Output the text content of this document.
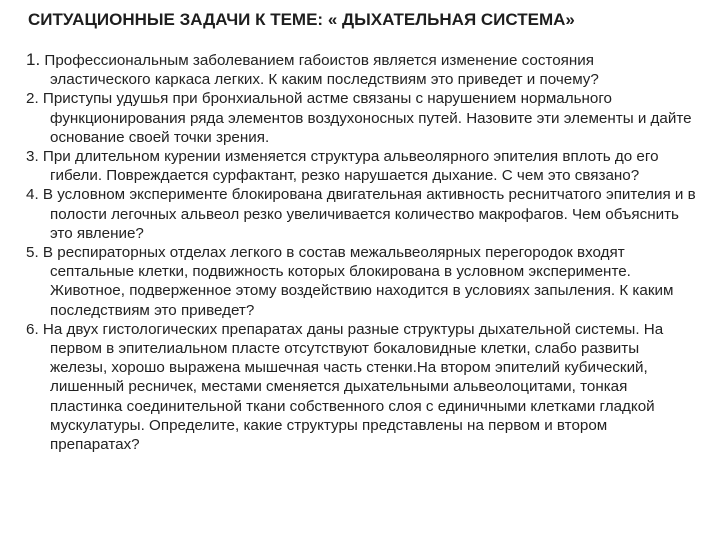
СИТУАЦИОННЫЕ ЗАДАЧИ К ТЕМЕ: « ДЫХАТЕЛЬНАЯ СИСТЕМА»

1. Профессиональным заболеванием габоистов является изменение состояния эластического каркаса легких. К каким последствиям это приведет и почему?

2. Приступы удушья при бронхиальной астме связаны с нарушением нормального функционирования ряда элементов воздухоносных путей. Назовите эти элементы и дайте основание своей точки зрения.

3. При длительном курении изменяется структура альвеолярного эпителия вплоть до его гибели. Повреждается сурфактант, резко нарушается дыхание. С чем это связано?

4. В условном эксперименте блокирована двигательная активность реснитчатого эпителия и в полости легочных альвеол резко увеличивается количество макрофагов. Чем объяснить это явление?

5. В респираторных отделах легкого в состав межальвеолярных перегородок входят септальные клетки, подвижность которых блокирована в условном эксперименте. Животное, подверженное этому воздействию находится в условиях запыления. К каким последствиям это приведет?

6. На двух гистологических препаратах даны разные структуры дыхательной системы. На первом в эпителиальном пласте отсутствуют бокаловидные клетки, слабо развиты железы, хорошо выражена мышечная часть стенки.На втором эпителий кубический, лишенный ресничек, местами сменяется дыхательными альвеолоцитами, тонкая пластинка соединительной ткани собственного слоя с единичными клетками гладкой мускулатуры. Определите, какие структуры представлены на первом и втором препаратах?
